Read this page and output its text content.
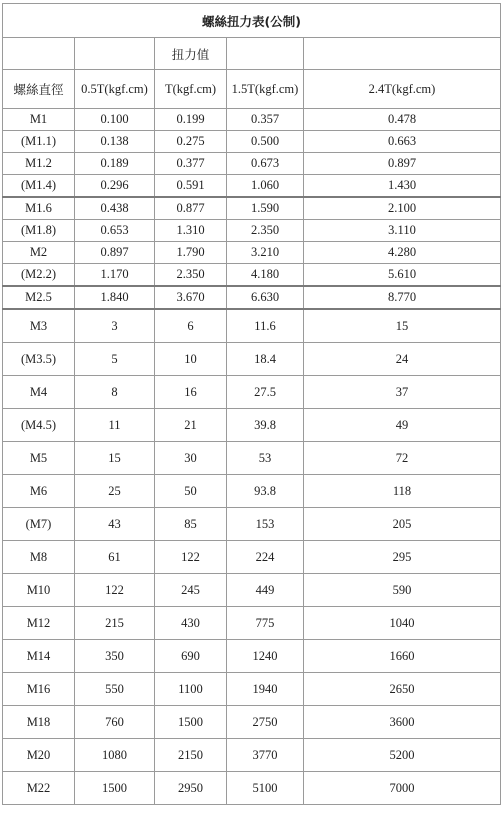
螺絲扭力表(公制)				
		扭力值		
螺絲直徑	0.5T(kgf.cm)	T(kgf.cm)	1.5T(kgf.cm)	2.4T(kgf.cm)
M1	0.100	0.199	0.357	0.478
(M1.1)	0.138	0.275	0.500	0.663
M1.2	0.189	0.377	0.673	0.897
(M1.4)	0.296	0.591	1.060	1.430
M1.6	0.438	0.877	1.590	2.100
(M1.8)	0.653	1.310	2.350	3.110
M2	0.897	1.790	3.210	4.280
(M2.2)	1.170	2.350	4.180	5.610
M2.5	1.840	3.670	6.630	8.770
M3	3	6	11.6	15
(M3.5)	5	10	18.4	24
M4	8	16	27.5	37
(M4.5)	11	21	39.8	49
M5	15	30	53	72
M6	25	50	93.8	118
(M7)	43	85	153	205
M8	61	122	224	295
M10	122	245	449	590
M12	215	430	775	1040
M14	350	690	1240	1660
M16	550	1100	1940	2650
M18	760	1500	2750	3600
M20	1080	2150	3770	5200
M22	1500	2950	5100	7000
